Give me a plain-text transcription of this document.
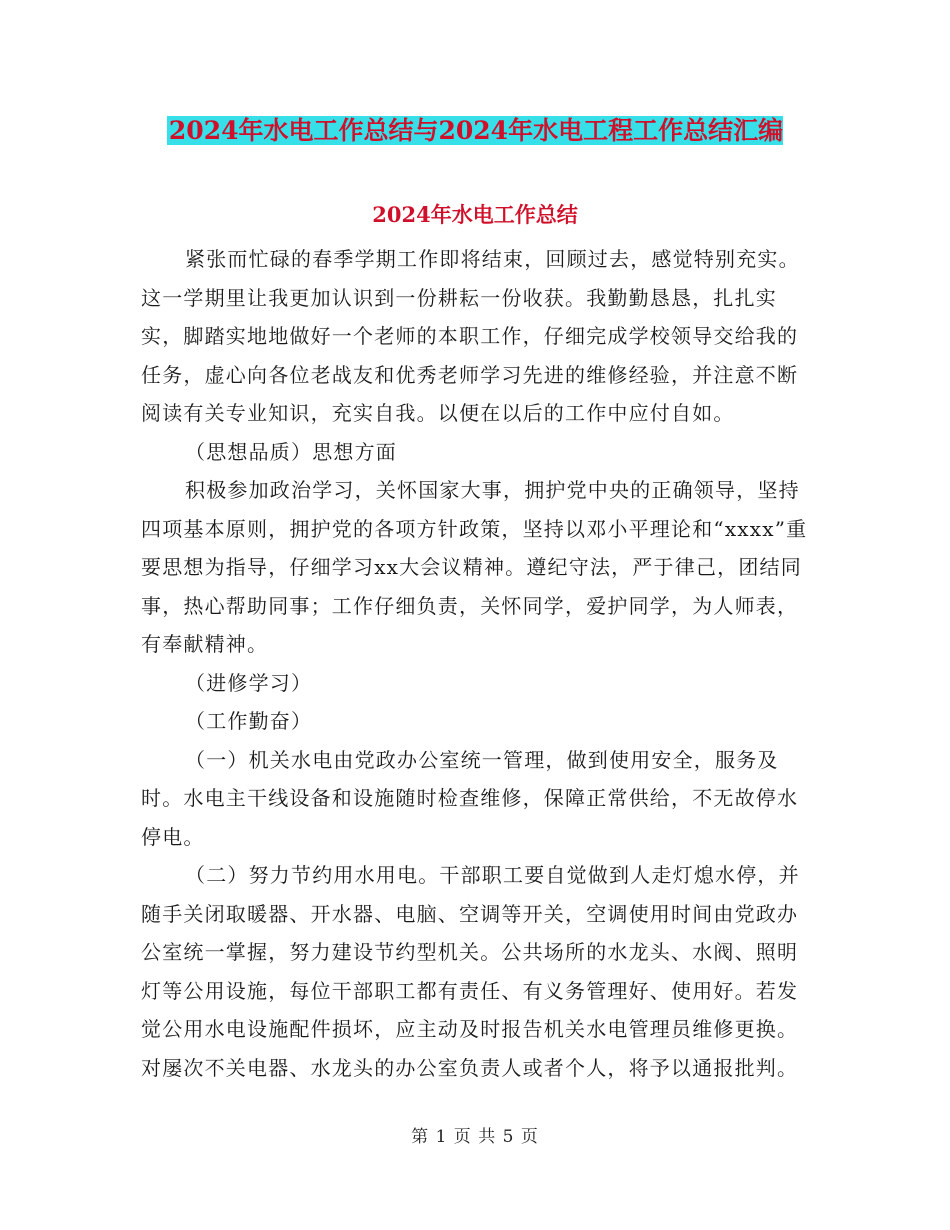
2024年水电工作总结与2024年水电工程工作总结汇编
2024年水电工作总结

紧张而忙碌的春季学期工作即将结束，回顾过去，感觉特别充实。这一学期里让我更加认识到一份耕耘一份收获。我勤勤恳恳，扎扎实实，脚踏实地地做好一个老师的本职工作，仔细完成学校领导交给我的任务，虚心向各位老战友和优秀老师学习先进的维修经验，并注意不断阅读有关专业知识，充实自我。以便在以后的工作中应付自如。

（思想品质）思想方面

积极参加政治学习，关怀国家大事，拥护党中央的正确领导，坚持四项基本原则，拥护党的各项方针政策，坚持以邓小平理论和“xxxx”重要思想为指导，仔细学习xx大会议精神。遵纪守法，严于律己，团结同事，热心帮助同事；工作仔细负责，关怀同学，爱护同学，为人师表，有奉献精神。

（进修学习）

（工作勤奋）

（一）机关水电由党政办公室统一管理，做到使用安全，服务及时。水电主干线设备和设施随时检查维修，保障正常供给，不无故停水停电。

（二）努力节约用水用电。干部职工要自觉做到人走灯熄水停，并随手关闭取暖器、开水器、电脑、空调等开关，空调使用时间由党政办公室统一掌握，努力建设节约型机关。公共场所的水龙头、水阀、照明灯等公用设施，每位干部职工都有责任、有义务管理好、使用好。若发觉公用水电设施配件损坏，应主动及时报告机关水电管理员维修更换。对屡次不关电器、水龙头的办公室负责人或者个人，将予以通报批判。

第 1 页 共 5 页
